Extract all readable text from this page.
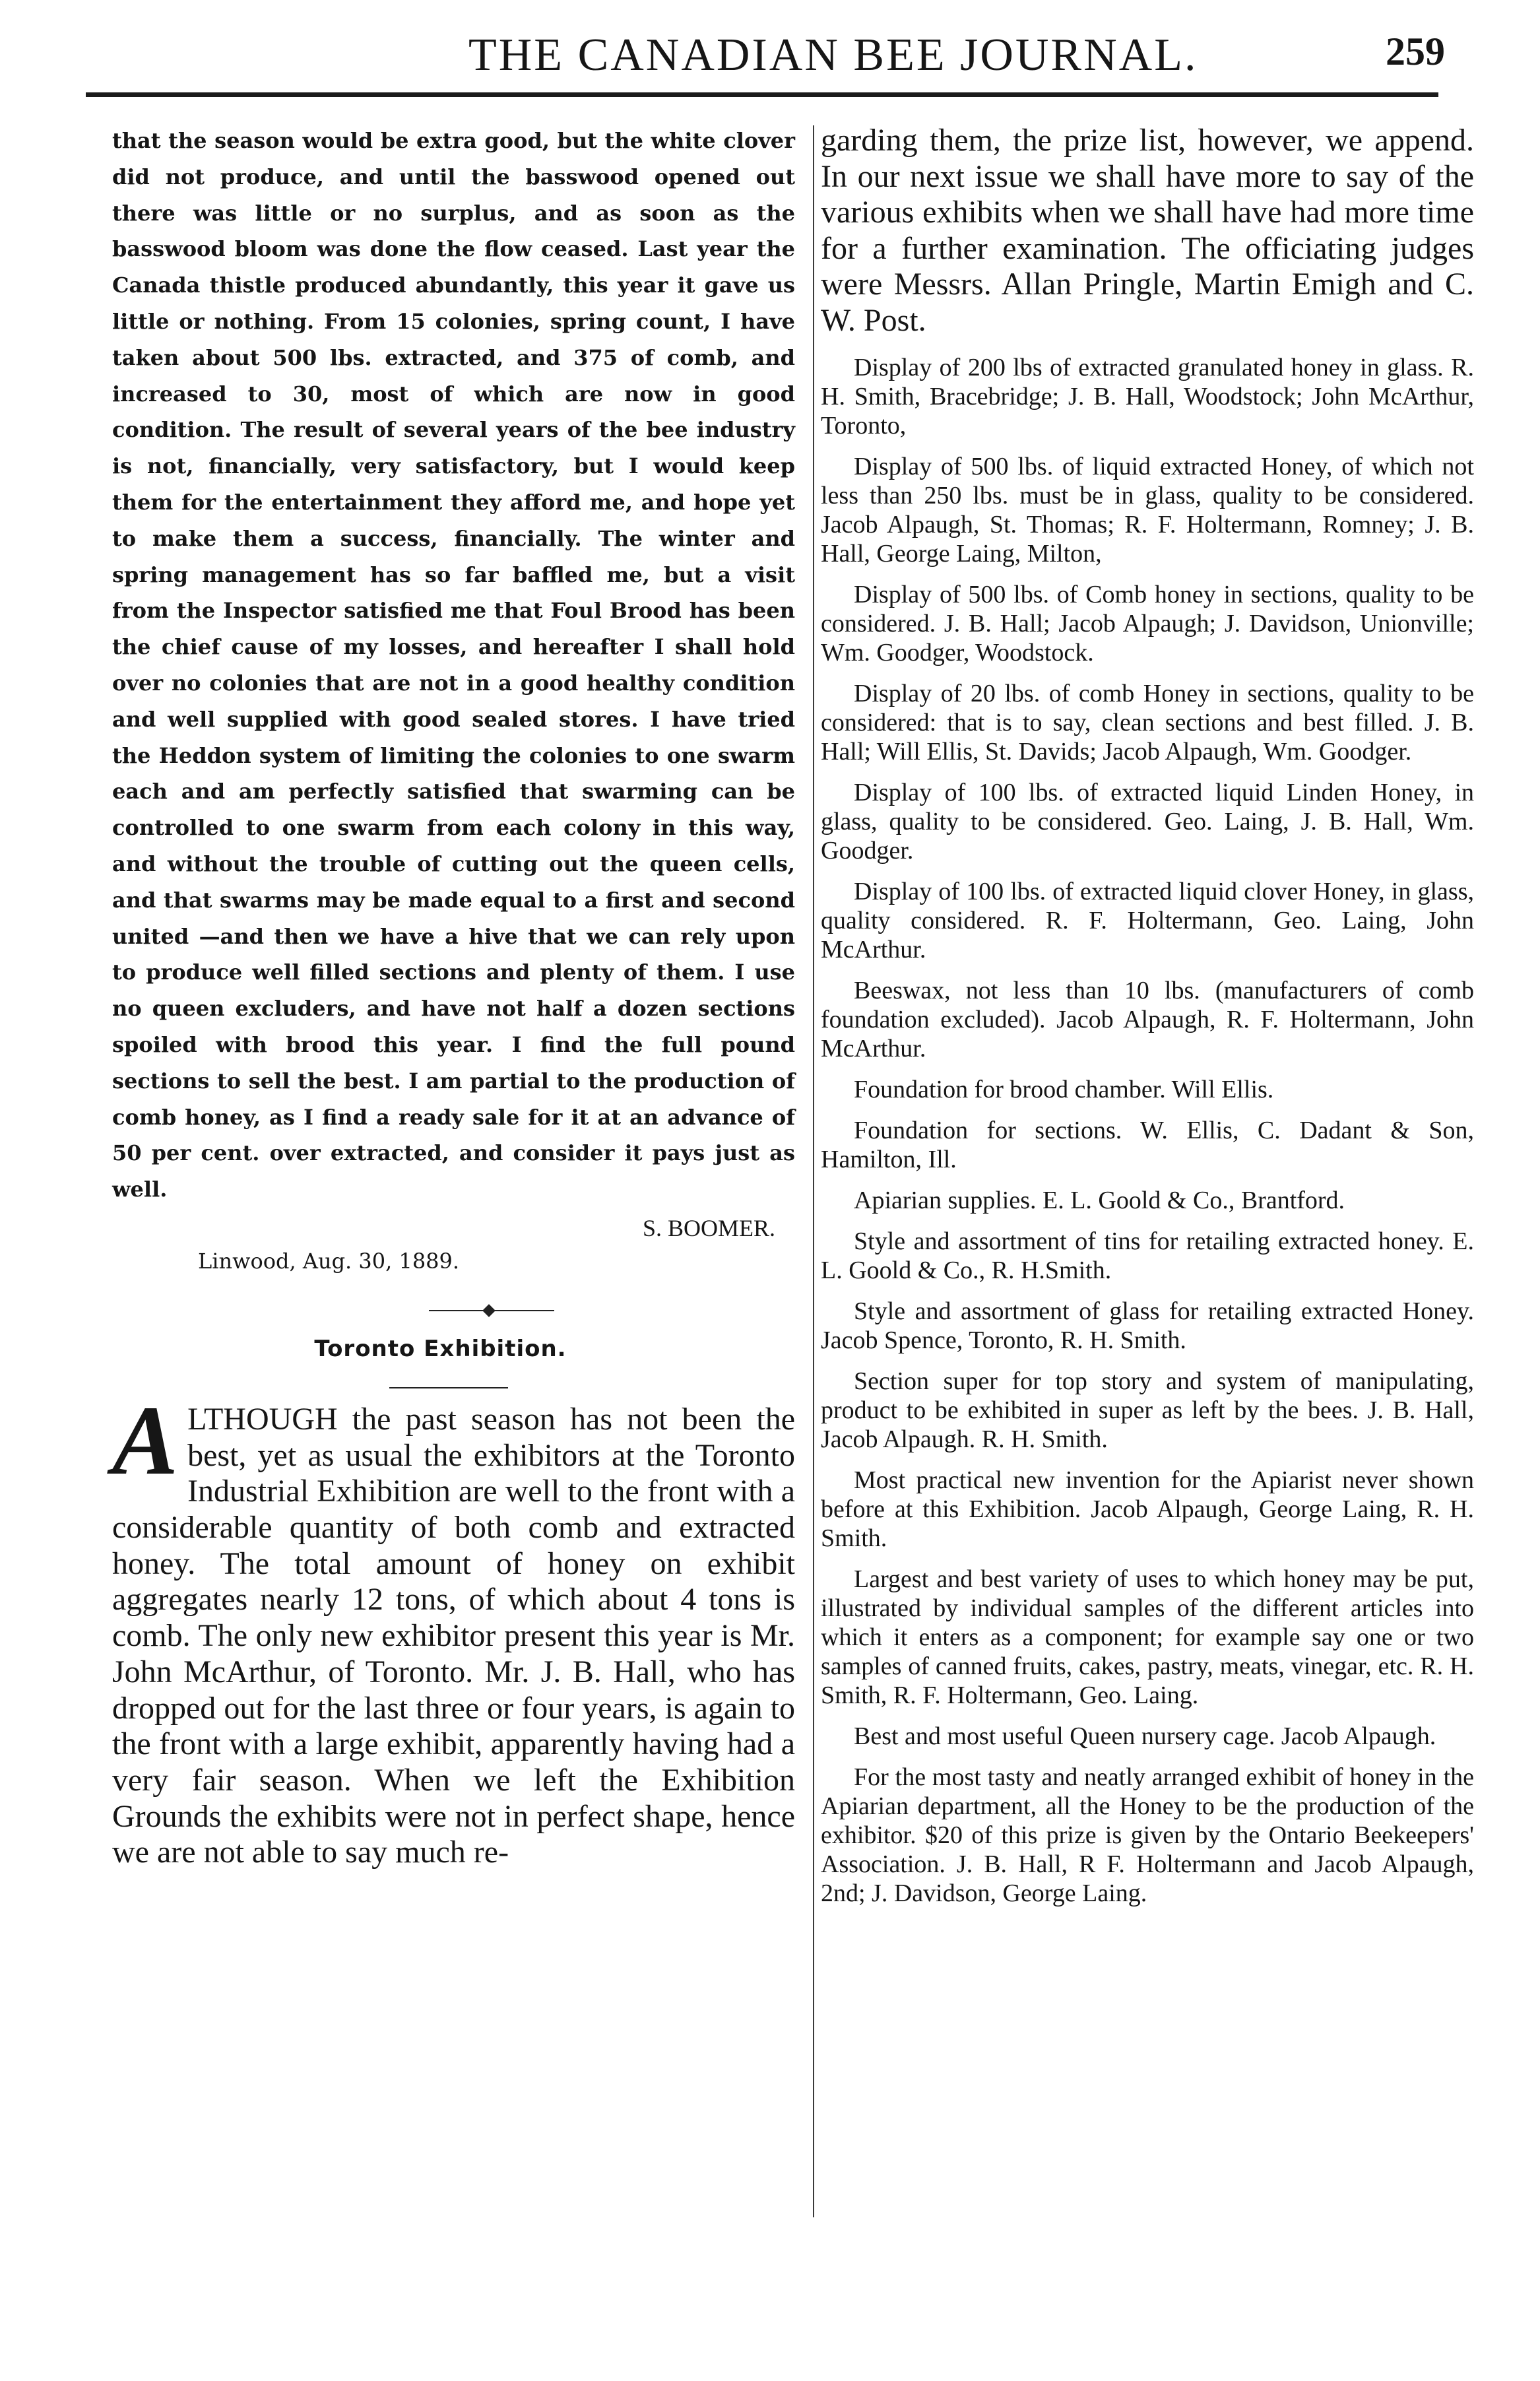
THE CANADIAN BEE JOURNAL.	259

that the season would be extra good, but the white clover did not produce, and until the basswood opened out there was little or no surplus, and as soon as the basswood bloom was done the flow ceased. Last year the Canada thistle produced abundantly, this year it gave us little or nothing. From 15 colonies, spring count, I have taken about 500 lbs. extracted, and 375 of comb, and increased to 30, most of which are now in good condition. The result of several years of the bee industry is not, financially, very satisfactory, but I would keep them for the entertainment they afford me, and hope yet to make them a success, financially. The winter and spring management has so far baffled me, but a visit from the Inspector satisfied me that Foul Brood has been the chief cause of my losses, and hereafter I shall hold over no colonies that are not in a good healthy condition and well supplied with good sealed stores. I have tried the Heddon system of limiting the colonies to one swarm each and am perfectly satisfied that swarming can be controlled to one swarm from each colony in this way, and without the trouble of cutting out the queen cells, and that swarms may be made equal to a first and second united —and then we have a hive that we can rely upon to produce well filled sections and plenty of them. I use no queen excluders, and have not half a dozen sections spoiled with brood this year. I find the full pound sections to sell the best. I am partial to the production of comb honey, as I find a ready sale for it at an advance of 50 per cent. over extracted, and consider it pays just as well.

S. BOOMER.
Linwood, Aug. 30, 1889.
Toronto Exhibition.

ALTHOUGH the past season has not been the best, yet as usual the exhibitors at the Toronto Industrial Exhibition are well to the front with a considerable quantity of both comb and extracted honey. The total amount of honey on exhibit aggregates nearly 12 tons, of which about 4 tons is comb. The only new exhibitor present this year is Mr. John McArthur, of Toronto. Mr. J. B. Hall, who has dropped out for the last three or four years, is again to the front with a large exhibit, apparently having had a very fair season. When we left the Exhibition Grounds the exhibits were not in perfect shape, hence we are not able to say much re-

garding them, the prize list, however, we append. In our next issue we shall have more to say of the various exhibits when we shall have had more time for a further examination. The officiating judges were Messrs. Allan Pringle, Martin Emigh and C. W. Post.

Display of 200 lbs of extracted granulated honey in glass. R. H. Smith, Bracebridge; J. B. Hall, Woodstock; John McArthur, Toronto,

Display of 500 lbs. of liquid extracted Honey, of which not less than 250 lbs. must be in glass, quality to be considered. Jacob Alpaugh, St. Thomas; R. F. Holtermann, Romney; J. B. Hall, George Laing, Milton,

Display of 500 lbs. of Comb honey in sections, quality to be considered. J. B. Hall; Jacob Alpaugh; J. Davidson, Unionville; Wm. Goodger, Woodstock.

Display of 20 lbs. of comb Honey in sections, quality to be considered: that is to say, clean sections and best filled. J. B. Hall; Will Ellis, St. Davids; Jacob Alpaugh, Wm. Goodger.

Display of 100 lbs. of extracted liquid Linden Honey, in glass, quality to be considered. Geo. Laing, J. B. Hall, Wm. Goodger.

Display of 100 lbs. of extracted liquid clover Honey, in glass, quality considered. R. F. Holtermann, Geo. Laing, John McArthur.

Beeswax, not less than 10 lbs. (manufacturers of comb foundation excluded). Jacob Alpaugh, R. F. Holtermann, John McArthur.

Foundation for brood chamber. Will Ellis.

Foundation for sections. W. Ellis, C. Dadant & Son, Hamilton, Ill.

Apiarian supplies. E. L. Goold & Co., Brantford.

Style and assortment of tins for retailing extracted honey. E. L. Goold & Co., R. H.Smith.

Style and assortment of glass for retailing extracted Honey. Jacob Spence, Toronto, R. H. Smith.

Section super for top story and system of manipulating, product to be exhibited in super as left by the bees. J. B. Hall, Jacob Alpaugh. R. H. Smith.

Most practical new invention for the Apiarist never shown before at this Exhibition. Jacob Alpaugh, George Laing, R. H. Smith.

Largest and best variety of uses to which honey may be put, illustrated by individual samples of the different articles into which it enters as a component; for example say one or two samples of canned fruits, cakes, pastry, meats, vinegar, etc. R. H. Smith, R. F. Holtermann, Geo. Laing.

Best and most useful Queen nursery cage. Jacob Alpaugh.

For the most tasty and neatly arranged exhibit of honey in the Apiarian department, all the Honey to be the production of the exhibitor. $20 of this prize is given by the Ontario Beekeepers' Association. J. B. Hall, R F. Holtermann and Jacob Alpaugh, 2nd; J. Davidson, George Laing.
